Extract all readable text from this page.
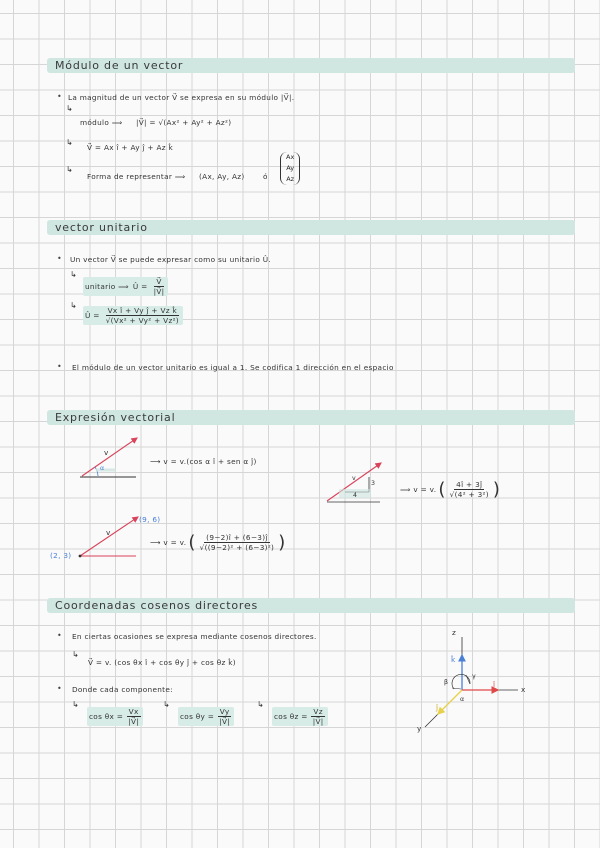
Módulo de un vector
• La magnitud de un vector V⃗ se expresa en su módulo |V⃗|.
↳
módulo ⟹ |V⃗| = √(Ax² + Ay² + Az²)
↳
V⃗ = Ax î + Ay ĵ + Az k̂
↳
Forma de representar ⟹ (Ax, Ay, Az)	ó
Ax
Ay
Az
vector unitario
• Un vector V⃗ se puede expresar como su unitario Û.
↳
unitario ⟹ Û = $\frac{V⃗}{|V⃗|}$
↳
Û = $\frac{\text{Vx î + Vy ĵ + Vz k̂}}{\text{√(Vx² + Vy² + Vz²)}}$
• El módulo de un vector unitario es igual a 1. Se codifica 1 dirección en el espacio
Expresión vectorial
v
α
⟶ v = v.(cos α î + sen α ĵ)
v
3
4
⟹ v = v. ( $\frac{4î + 3ĵ}{\text{√(4² + 3²)}}$ )
(2, 3)
(9, 6)
v
⟶ v = v. ( $\frac{(9-2)î + (6-3)ĵ}{\text{√((9−2)² + (6−3)²)}}$ )
Coordenadas cosenos directores
• En ciertas ocasiones se expresa mediante cosenos directores.
↳
V⃗ = v. (cos θx î + cos θy ĵ + cos θz k̂)
• Donde cada componente:
↳
$\cos \theta x = \frac{Vx}{|V⃗|}$
↳
$\cos \theta y = \frac{Vy}{|V⃗|}$
↳
$\cos \theta z = \frac{Vz}{|V⃗|}$
z
x
y
k̂
î
ĵ
γ
β
α
